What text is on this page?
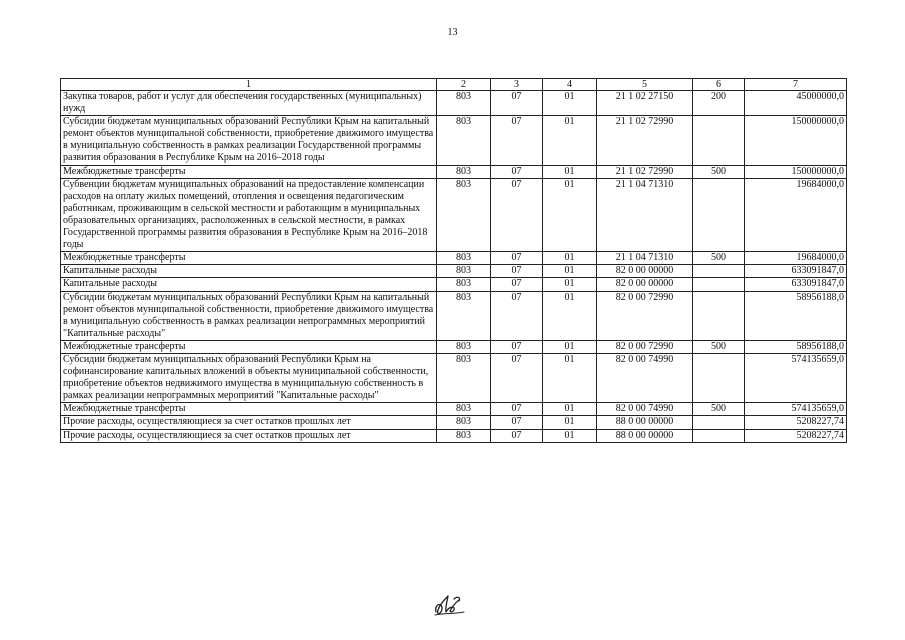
13
1	2	3	4	5	6	7
Закупка товаров, работ и услуг для обеспечения государственных (муниципальных) нужд	803	07	01	21 1 02 27150	200	45000000,0
Субсидии бюджетам муниципальных образований Республики Крым на капитальный ремонт объектов муниципальной собственности, приобретение движимого имущества в муниципальную собственность в рамках реализации Государственной программы развития образования в Республике Крым на 2016–2018 годы	803	07	01	21 1 02 72990		150000000,0
Межбюджетные трансферты	803	07	01	21 1 02 72990	500	150000000,0
Субвенции бюджетам муниципальных образований на предоставление компенсации расходов на оплату жилых помещений, отопления и освещения педагогическим работникам, проживающим в сельской местности и работающим в муниципальных образовательных организациях, расположенных в сельской местности, в рамках Государственной программы развития образования в Республике Крым на 2016–2018 годы	803	07	01	21 1 04 71310		19684000,0
Межбюджетные трансферты	803	07	01	21 1 04 71310	500	19684000,0
Капитальные расходы	803	07	01	82 0 00 00000		633091847,0
Капитальные расходы	803	07	01	82 0 00 00000		633091847,0
Субсидии бюджетам муниципальных образований Республики Крым на капитальный ремонт объектов муниципальной собственности, приобретение движимого имущества в муниципальную собственность в рамках реализации непрограммных мероприятий "Капитальные расходы"	803	07	01	82 0 00 72990		58956188,0
Межбюджетные трансферты	803	07	01	82 0 00 72990	500	58956188,0
Субсидии бюджетам муниципальных образований Республики Крым на софинансирование капитальных вложений в объекты муниципальной собственности, приобретение объектов недвижимого имущества в муниципальную собственность в рамках реализации непрограммных мероприятий "Капитальные расходы"	803	07	01	82 0 00 74990		574135659,0
Межбюджетные трансферты	803	07	01	82 0 00 74990	500	574135659,0
Прочие расходы, осуществляющиеся за счет остатков прошлых лет	803	07	01	88 0 00 00000		5208227,74
Прочие расходы, осуществляющиеся за счет остатков прошлых лет	803	07	01	88 0 00 00000		5208227,74
